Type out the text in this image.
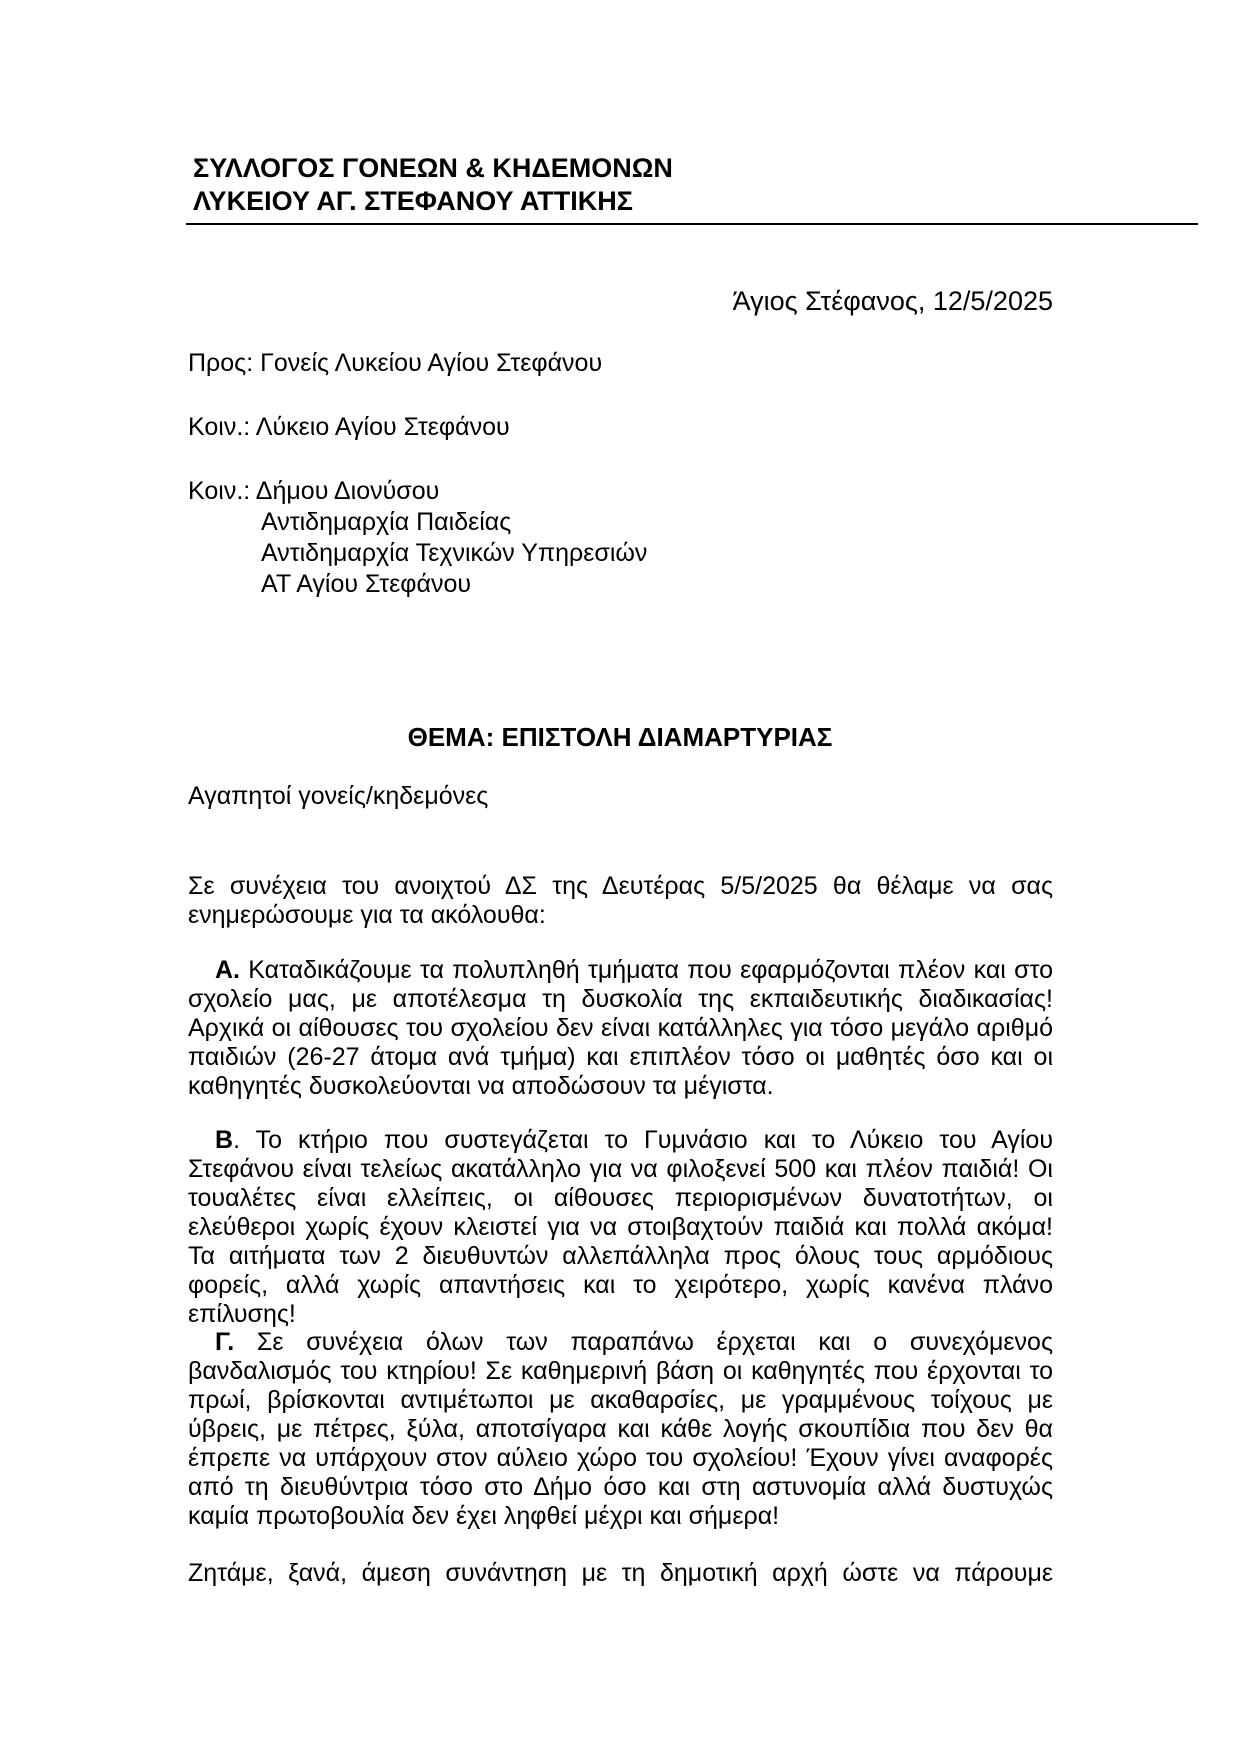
ΣΥΛΛΟΓΟΣ ΓΟΝΕΩΝ & ΚΗΔΕΜΟΝΩΝ
ΛΥΚΕΙΟΥ ΑΓ. ΣΤΕΦΑΝΟΥ ΑΤΤΙΚΗΣ
Άγιος Στέφανος, 12/5/2025
Προς: Γονείς Λυκείου Αγίου Στεφάνου
Κοιν.: Λύκειο Αγίου Στεφάνου
Κοιν.: Δήμου Διονύσου
Αντιδημαρχία Παιδείας
Αντιδημαρχία Τεχνικών Υπηρεσιών
ΑΤ Αγίου Στεφάνου
ΘΕΜΑ: ΕΠΙΣΤΟΛΗ ΔΙΑΜΑΡΤΥΡΙΑΣ
Αγαπητοί γονείς/κηδεμόνες
Σε συνέχεια του ανοιχτού ΔΣ της Δευτέρας 5/5/2025 θα θέλαμε να σας ενημερώσουμε για τα ακόλουθα:
Α. Καταδικάζουμε τα πολυπληθή τμήματα που εφαρμόζονται πλέον και στο σχολείο μας, με αποτέλεσμα τη δυσκολία της εκπαιδευτικής διαδικασίας! Αρχικά οι αίθουσες του σχολείου δεν είναι κατάλληλες για τόσο μεγάλο αριθμό παιδιών (26-27 άτομα ανά τμήμα) και επιπλέον τόσο οι μαθητές όσο και οι καθηγητές δυσκολεύονται να αποδώσουν τα μέγιστα.
Β. Το κτήριο που συστεγάζεται το Γυμνάσιο και το Λύκειο του Αγίου Στεφάνου είναι τελείως ακατάλληλο για να φιλοξενεί 500 και πλέον παιδιά! Οι τουαλέτες είναι ελλείπεις, οι αίθουσες περιορισμένων δυνατοτήτων, οι ελεύθεροι χωρίς έχουν κλειστεί για να στοιβαχτούν παιδιά και πολλά ακόμα! Τα αιτήματα των 2 διευθυντών αλλεπάλληλα προς όλους τους αρμόδιους φορείς, αλλά χωρίς απαντήσεις και το χειρότερο, χωρίς κανένα πλάνο επίλυσης!
Γ. Σε συνέχεια όλων των παραπάνω έρχεται και ο συνεχόμενος βανδαλισμός του κτηρίου! Σε καθημερινή βάση οι καθηγητές που έρχονται το πρωί, βρίσκονται αντιμέτωποι με ακαθαρσίες, με γραμμένους τοίχους με ύβρεις, με πέτρες, ξύλα, αποτσίγαρα και κάθε λογής σκουπίδια που δεν θα έπρεπε να υπάρχουν στον αύλειο χώρο του σχολείου! Έχουν γίνει αναφορές από τη διευθύντρια τόσο στο Δήμο όσο και στη αστυνομία αλλά δυστυχώς καμία πρωτοβουλία δεν έχει ληφθεί μέχρι και σήμερα!
Ζητάμε, ξανά, άμεση συνάντηση με τη δημοτική αρχή ώστε να πάρουμε
